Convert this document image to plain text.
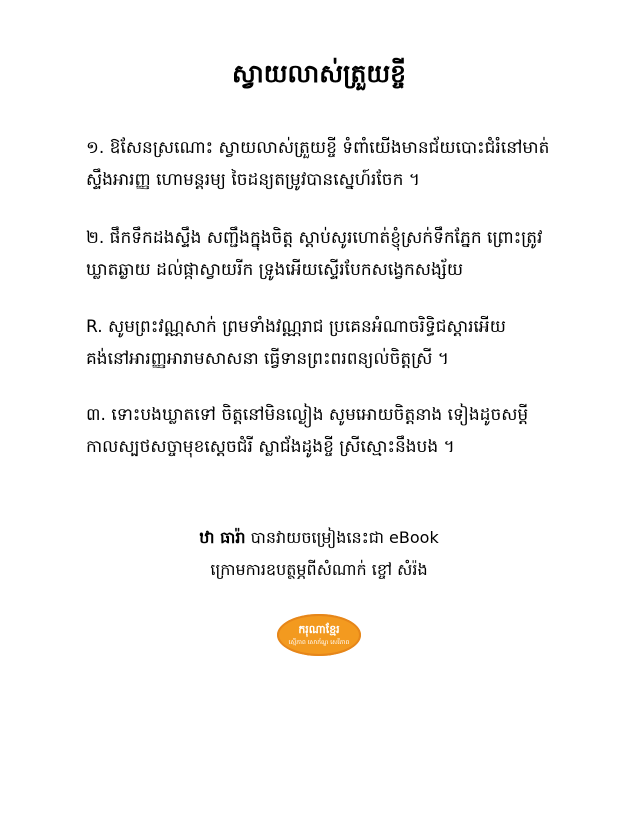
ស្វាយលាស់ត្រួយខ្ចី

១. ឱសែនស្រណោះ ស្វាយលាស់ត្រួយខ្ចី ទំពាំយើងមានជ័យបោះជំរំនៅមាត់

ស្ទឹងអារញ្ញ ហោមន្តរម្យ ចៃដន្យតម្រូវបានស្នេហ៍រចែក ។

២. ផឹកទឹកដងស្ទឹង សញ្ជឹងក្នុងចិត្ត ស្តាប់សូរហោត់ខ្ញុំស្រក់ទឹកភ្នែក ព្រោះត្រូវ

ឃ្លាតឆ្ងាយ ដល់ផ្កាស្វាយរីក ទ្រូងអើយស្ទើរបែកសង្វេកសង្ស័យ

R. សូមព្រះវណ្ណសាក់ ព្រមទាំងវណ្ណរាជ ប្រគេនអំណាចរិទ្ធិជស្តារអើយ

គង់នៅអារញ្ញអារាមសាសនា ធ្វើទានព្រះពរពន្យល់ចិត្តស្រី ។

៣. ទោះបងឃ្លាតទៅ ចិត្តនៅមិនល្ងៀង សូមអោយចិត្តនាង ទៀងដូចសម្តី

កាលស្បថសច្ចាមុខស្តេចជំរី ស្លាជ័ងដូងខ្ចី ស្រីស្មោះនឹងបង ។

ឋា ធារ៉ា បានវាយចម្រៀងនេះជា eBook

ក្រោមការឧបត្ថម្ភពីសំណាក់ ខ្ចៅ សំរ៉ង

ករុណាខ្មែរ
ស្មើភាព សោភ័ណ្ឌ សេរីភាព
